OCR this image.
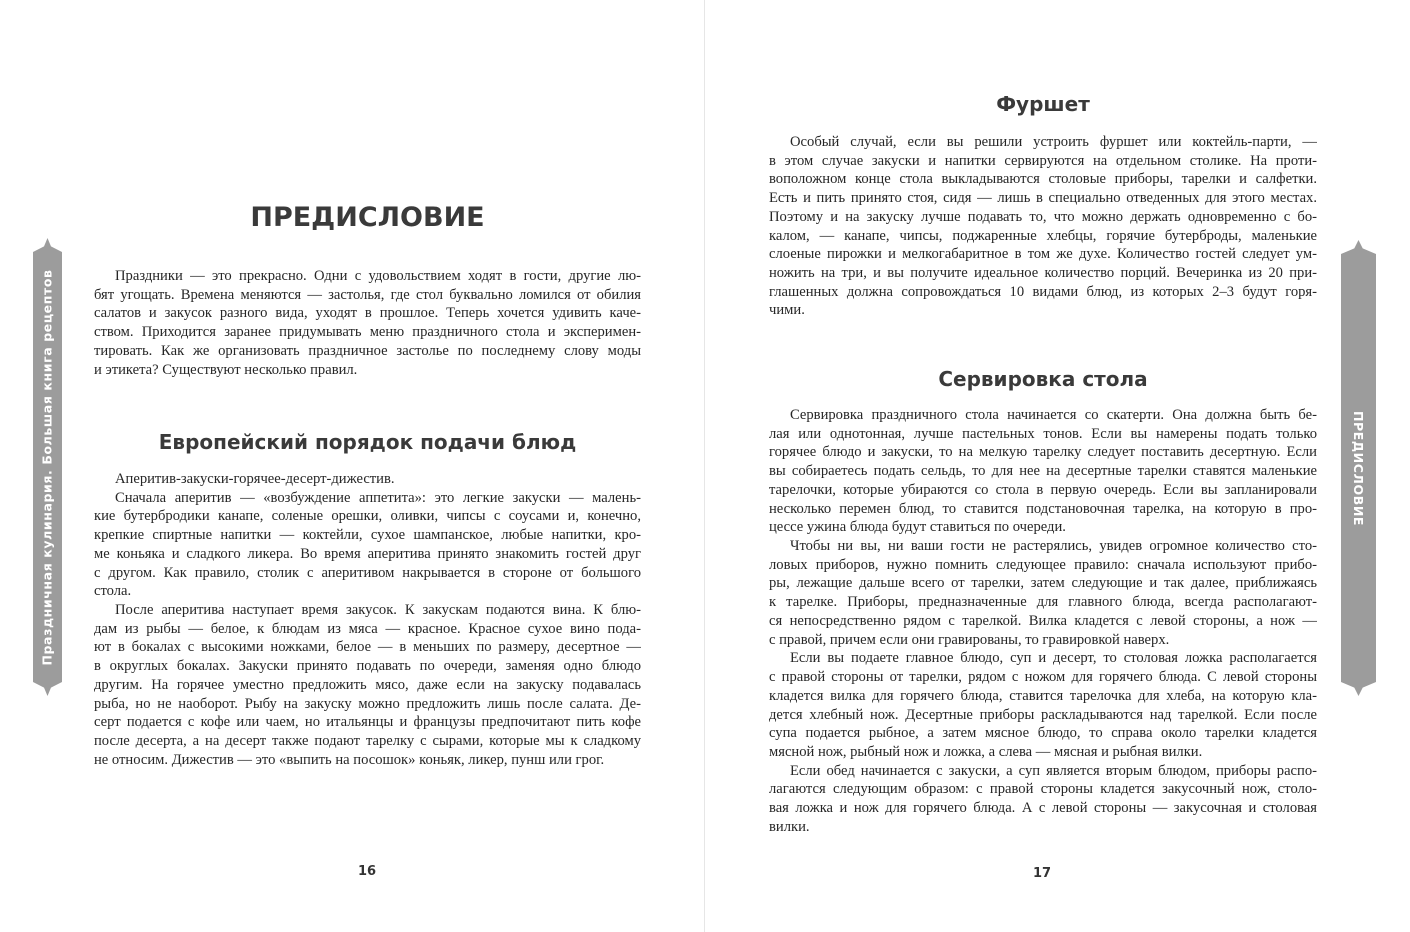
Праздничная кулинария. Большая книга рецептов	ПРЕДИСЛОВИЕ
ПРЕДИСЛОВИЕ
Праздники — это прекрасно. Одни с удовольствием ходят в гости, другие лю-
бят угощать. Времена меняются — застолья, где стол буквально ломился от обилия
салатов и закусок разного вида, уходят в прошлое. Теперь хочется удивить каче-
ством. Приходится заранее придумывать меню праздничного стола и эксперимен-
тировать. Как же организовать праздничное застолье по последнему слову моды
и этикета? Существуют несколько правил.
Европейский порядок подачи блюд
Аперитив-закуски-горячее-десерт-дижестив.
Сначала аперитив — «возбуждение аппетита»: это легкие закуски — малень-
кие бутербродики канапе, соленые орешки, оливки, чипсы с соусами и, конечно,
крепкие спиртные напитки — коктейли, сухое шампанское, любые напитки, кро-
ме коньяка и сладкого ликера. Во время аперитива принято знакомить гостей друг
с другом. Как правило, столик с аперитивом накрывается в стороне от большого
стола.
После аперитива наступает время закусок. К закускам подаются вина. К блю-
дам из рыбы — белое, к блюдам из мяса — красное. Красное сухое вино пода-
ют в бокалах с высокими ножками, белое — в меньших по размеру, десертное —
в округлых бокалах. Закуски принято подавать по очереди, заменяя одно блюдо
другим. На горячее уместно предложить мясо, даже если на закуску подавалась
рыба, но не наоборот. Рыбу на закуску можно предложить лишь после салата. Де-
серт подается с кофе или чаем, но итальянцы и французы предпочитают пить кофе
после десерта, а на десерт также подают тарелку с сырами, которые мы к сладкому
не относим. Дижестив — это «выпить на посошок» коньяк, ликер, пунш или грог.
16
Фуршет
Особый случай, если вы решили устроить фуршет или коктейль-парти, —
в этом случае закуски и напитки сервируются на отдельном столике. На проти-
воположном конце стола выкладываются столовые приборы, тарелки и салфетки.
Есть и пить принято стоя, сидя — лишь в специально отведенных для этого местах.
Поэтому и на закуску лучше подавать то, что можно держать одновременно с бо-
калом, — канапе, чипсы, поджаренные хлебцы, горячие бутерброды, маленькие
слоеные пирожки и мелкогабаритное в том же духе. Количество гостей следует ум-
ножить на три, и вы получите идеальное количество порций. Вечеринка из 20 при-
глашенных должна сопровождаться 10 видами блюд, из которых 2–3 будут горя-
чими.
Сервировка стола
Сервировка праздничного стола начинается со скатерти. Она должна быть бе-
лая или однотонная, лучше пастельных тонов. Если вы намерены подать только
горячее блюдо и закуски, то на мелкую тарелку следует поставить десертную. Если
вы собираетесь подать сельдь, то для нее на десертные тарелки ставятся маленькие
тарелочки, которые убираются со стола в первую очередь. Если вы запланировали
несколько перемен блюд, то ставится подстановочная тарелка, на которую в про-
цессе ужина блюда будут ставиться по очереди.
Чтобы ни вы, ни ваши гости не растерялись, увидев огромное количество сто-
ловых приборов, нужно помнить следующее правило: сначала используют прибо-
ры, лежащие дальше всего от тарелки, затем следующие и так далее, приближаясь
к тарелке. Приборы, предназначенные для главного блюда, всегда располагают-
ся непосредственно рядом с тарелкой. Вилка кладется с левой стороны, а нож —
с правой, причем если они гравированы, то гравировкой наверх.
Если вы подаете главное блюдо, суп и десерт, то столовая ложка располагается
с правой стороны от тарелки, рядом с ножом для горячего блюда. С левой стороны
кладется вилка для горячего блюда, ставится тарелочка для хлеба, на которую кла-
дется хлебный нож. Десертные приборы раскладываются над тарелкой. Если после
супа подается рыбное, а затем мясное блюдо, то справа около тарелки кладется
мясной нож, рыбный нож и ложка, а слева — мясная и рыбная вилки.
Если обед начинается с закуски, а суп является вторым блюдом, приборы распо-
лагаются следующим образом: с правой стороны кладется закусочный нож, столо-
вая ложка и нож для горячего блюда. А с левой стороны — закусочная и столовая
вилки.
17
